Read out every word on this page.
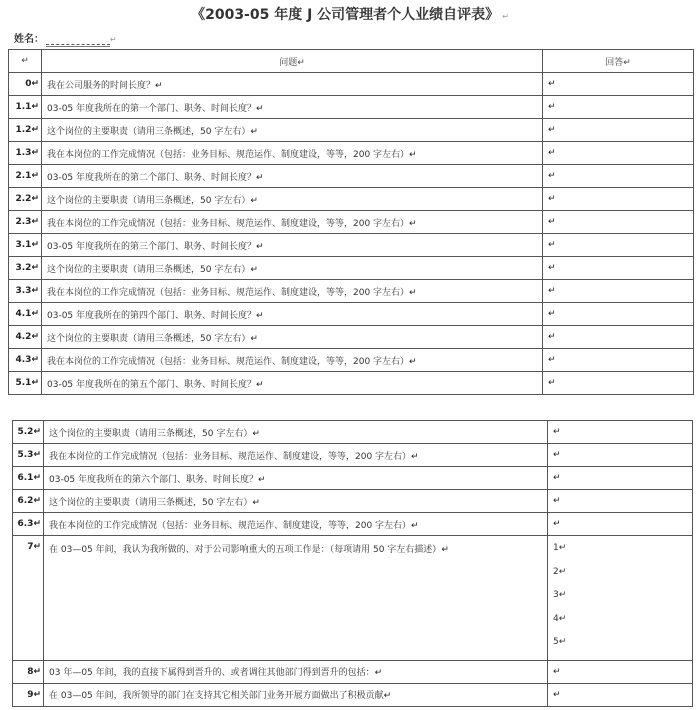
《2003-05 年度 J 公司管理者个人业绩自评表》 ↵
姓名：	↵
↵	问题↵	回答↵
0↵	我在公司服务的时间长度？↵	↵
1.1↵	03-05 年度我所在的第一个部门、职务、时间长度？↵	↵
1.2↵	这个岗位的主要职责（请用三条概述，50 字左右）↵	↵
1.3↵	我在本岗位的工作完成情况（包括：业务目标、规范运作、制度建设，等等，200 字左右）↵	↵
2.1↵	03-05 年度我所在的第二个部门、职务、时间长度？↵	↵
2.2↵	这个岗位的主要职责（请用三条概述，50 字左右）↵	↵
2.3↵	我在本岗位的工作完成情况（包括：业务目标、规范运作、制度建设，等等，200 字左右）↵	↵
3.1↵	03-05 年度我所在的第三个部门、职务、时间长度？↵	↵
3.2↵	这个岗位的主要职责（请用三条概述，50 字左右）↵	↵
3.3↵	我在本岗位的工作完成情况（包括：业务目标、规范运作、制度建设，等等，200 字左右）↵	↵
4.1↵	03-05 年度我所在的第四个部门、职务、时间长度？↵	↵
4.2↵	这个岗位的主要职责（请用三条概述，50 字左右）↵	↵
4.3↵	我在本岗位的工作完成情况（包括：业务目标、规范运作、制度建设，等等，200 字左右）↵	↵
5.1↵	03-05 年度我所在的第五个部门、职务、时间长度？↵	↵
5.2↵	这个岗位的主要职责（请用三条概述，50 字左右）↵	↵
5.3↵	我在本岗位的工作完成情况（包括：业务目标、规范运作、制度建设，等等，200 字左右）↵	↵
6.1↵	03-05 年度我所在的第六个部门、职务、时间长度？↵	↵
6.2↵	这个岗位的主要职责（请用三条概述，50 字左右）↵	↵
6.3↵	我在本岗位的工作完成情况（包括：业务目标、规范运作、制度建设，等等，200 字左右）↵	↵
7↵	在 03—05 年间，我认为我所做的、对于公司影响重大的五项工作是：（每项请用 50 字左右描述）↵	1↵
2↵
3↵
4↵
5↵

8↵	03 年—05 年间，我的直接下属得到晋升的、或者调往其他部门得到晋升的包括：↵	↵
9↵	在 03—05 年间，我所领导的部门在支持其它相关部门业务开展方面做出了积极贡献↵	↵
